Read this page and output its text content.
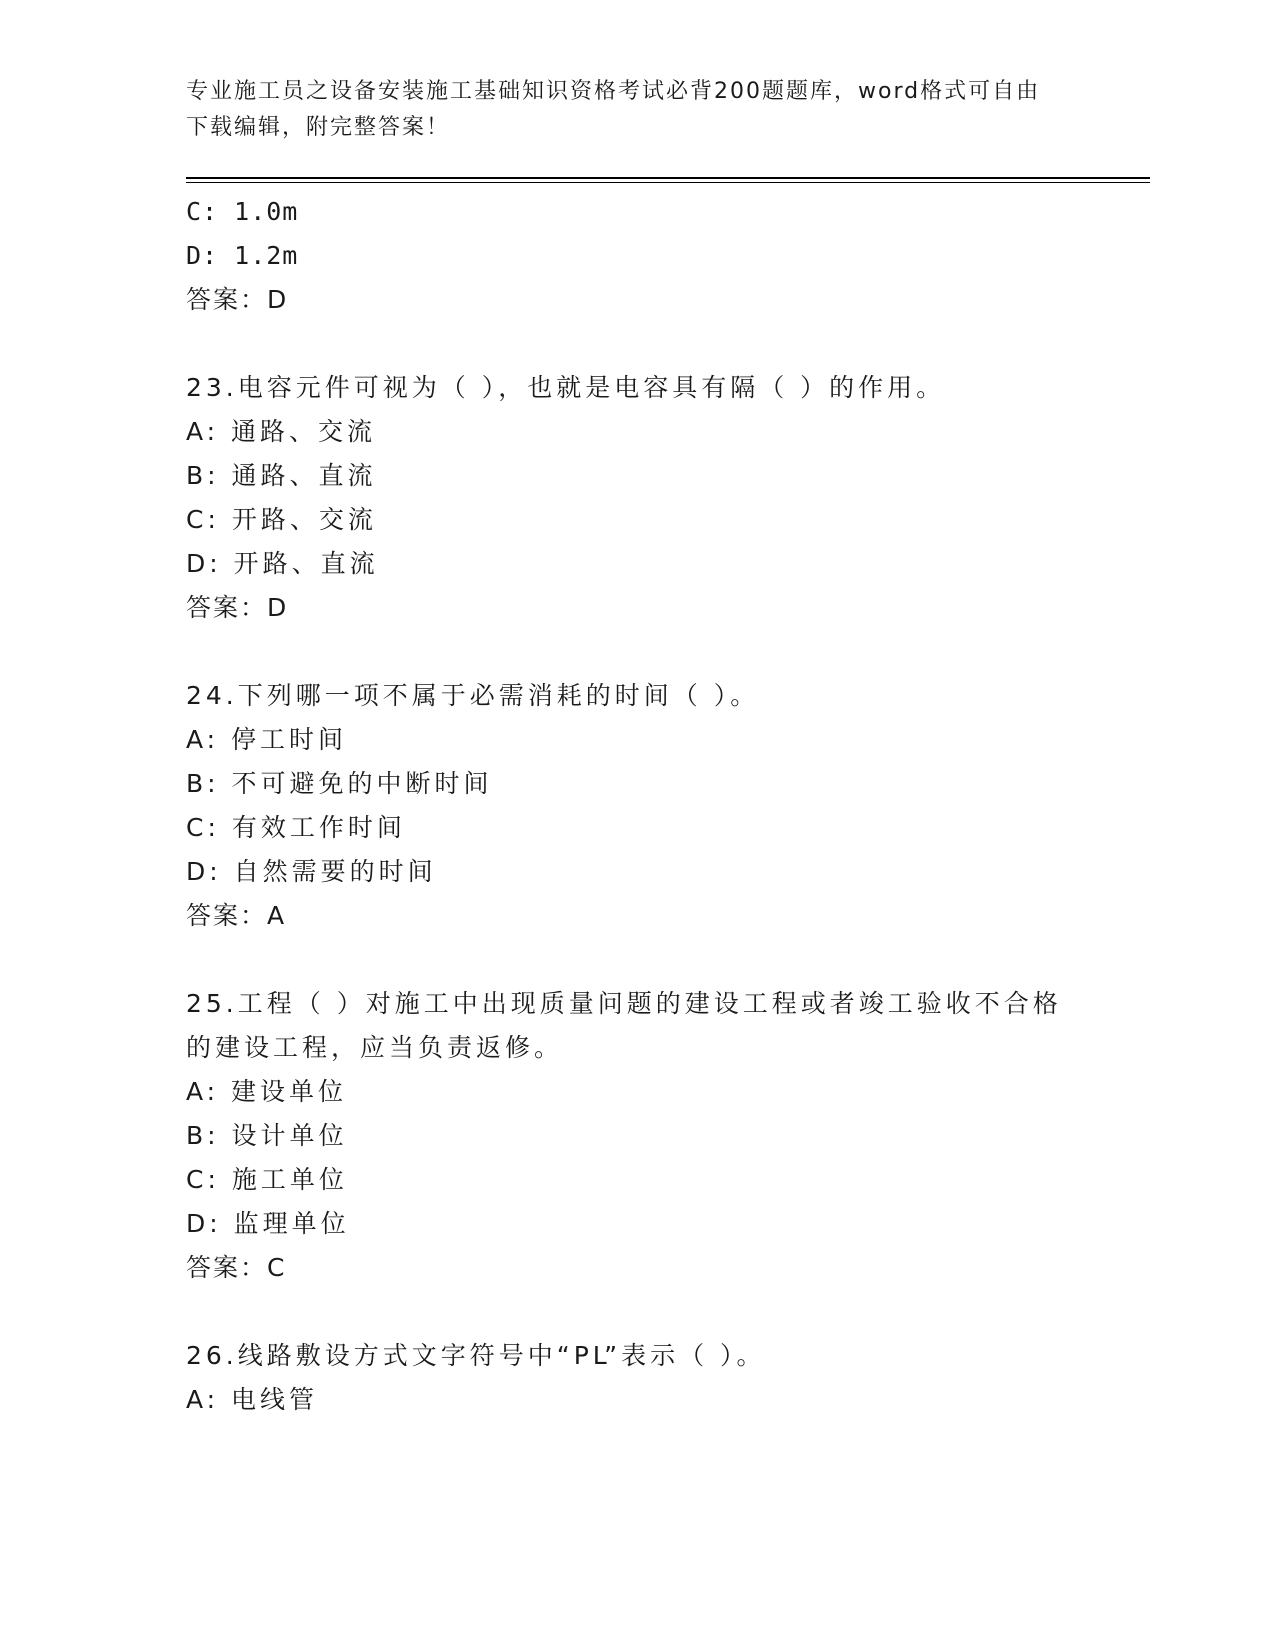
专业施工员之设备安装施工基础知识资格考试必背200题题库，word格式可自由
下载编辑，附完整答案！
C: 1.0m
D: 1.2m
答案：D
23.电容元件可视为（ ），也就是电容具有隔（ ）的作用。
A: 通路、交流
B: 通路、直流
C: 开路、交流
D: 开路、直流
答案：D
24.下列哪一项不属于必需消耗的时间（ ）。
A: 停工时间
B: 不可避免的中断时间
C: 有效工作时间
D: 自然需要的时间
答案：A
25.工程（ ）对施工中出现质量问题的建设工程或者竣工验收不合格
的建设工程，应当负责返修。
A: 建设单位
B: 设计单位
C: 施工单位
D: 监理单位
答案：C
26.线路敷设方式文字符号中“PL”表示（ ）。
A: 电线管
